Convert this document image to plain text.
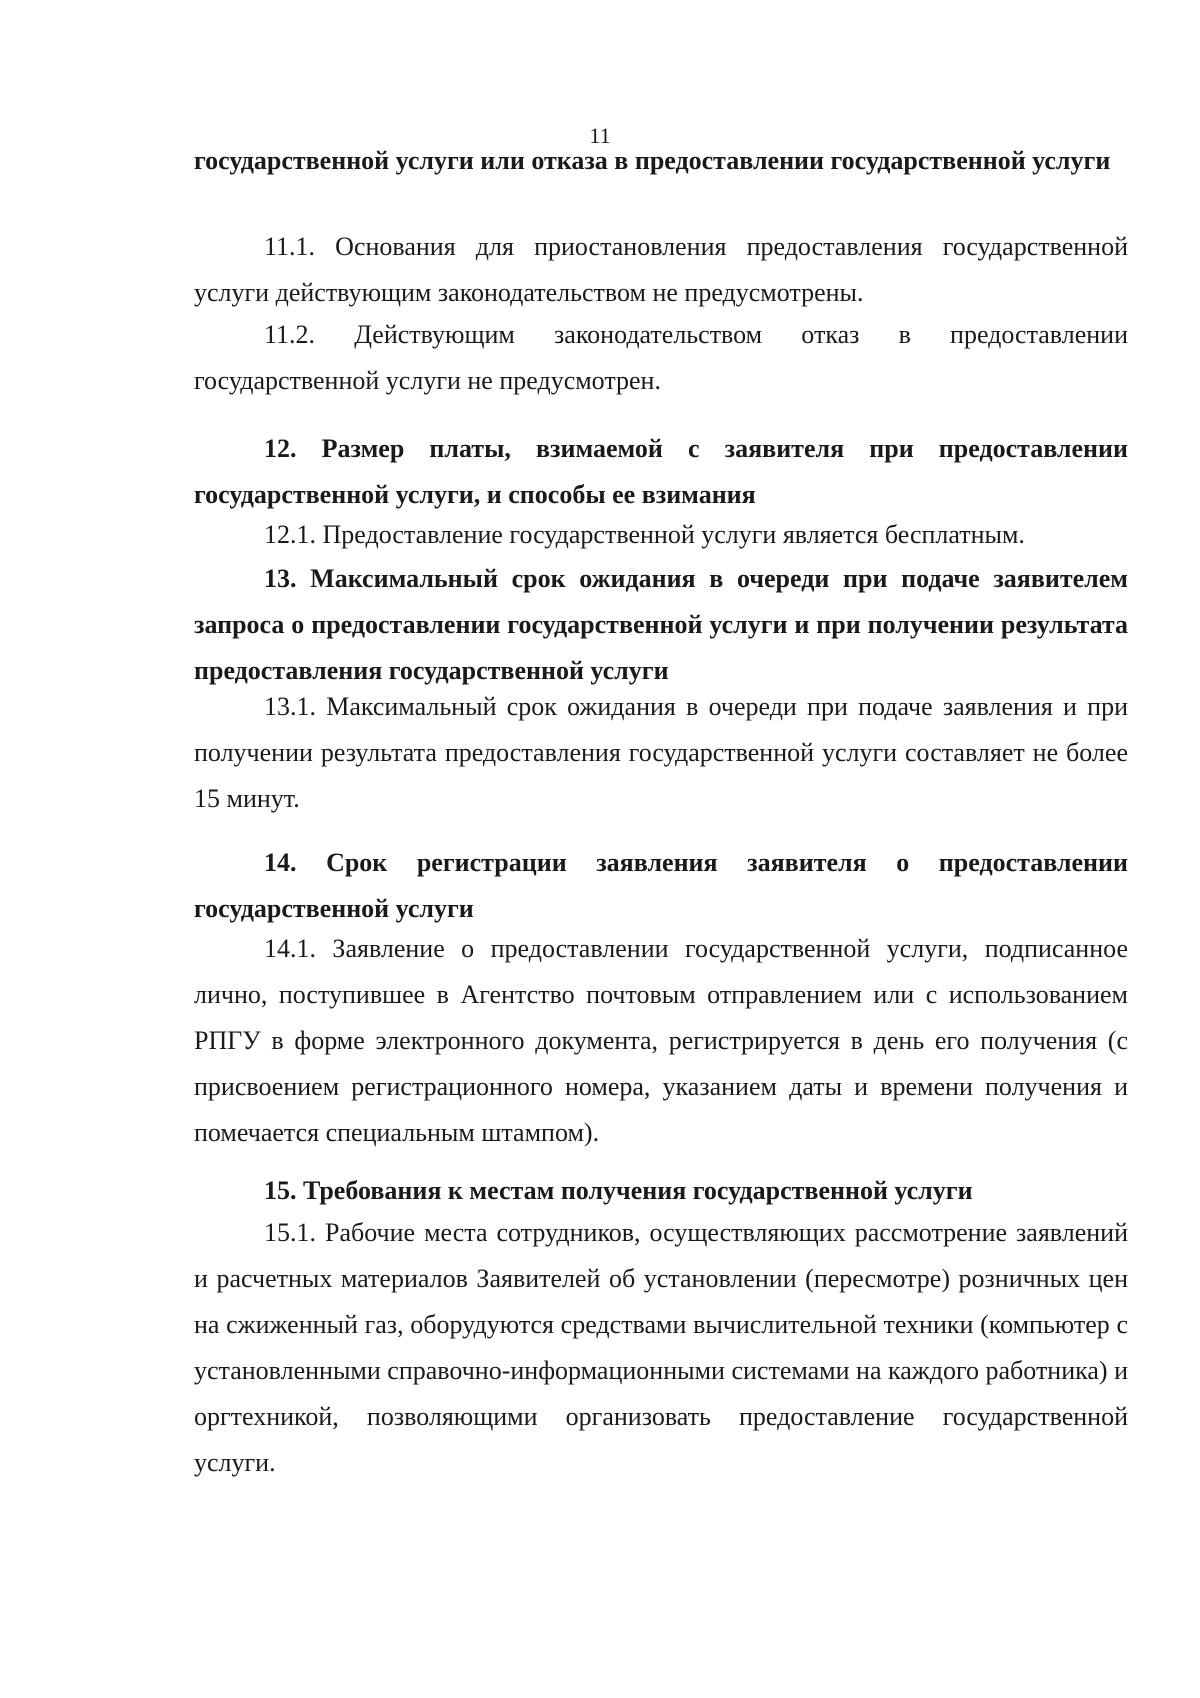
11
государственной услуги или отказа в предоставлении государственной услуги
11.1. Основания для приостановления предоставления государственной услуги действующим законодательством не предусмотрены.
11.2. Действующим законодательством отказ в предоставлении государственной услуги не предусмотрен.
12. Размер платы, взимаемой с заявителя при предоставлении государственной услуги, и способы ее взимания
12.1. Предоставление государственной услуги является бесплатным.
13. Максимальный срок ожидания в очереди при подаче заявителем запроса о предоставлении государственной услуги и при получении результата предоставления государственной услуги
13.1. Максимальный срок ожидания в очереди при подаче заявления и при получении результата предоставления государственной услуги составляет не более 15 минут.
14. Срок регистрации заявления заявителя о предоставлении государственной услуги
14.1. Заявление о предоставлении государственной услуги, подписанное лично, поступившее в Агентство почтовым отправлением или с использованием РПГУ в форме электронного документа, регистрируется в день его получения (с присвоением регистрационного номера, указанием даты и времени получения и помечается специальным штампом).
15. Требования к местам получения государственной услуги
15.1. Рабочие места сотрудников, осуществляющих рассмотрение заявлений и расчетных материалов Заявителей об установлении (пересмотре) розничных цен на сжиженный газ, оборудуются средствами вычислительной техники (компьютер с установленными справочно-информационными системами на каждого работника) и оргтехникой, позволяющими организовать предоставление государственной услуги.
